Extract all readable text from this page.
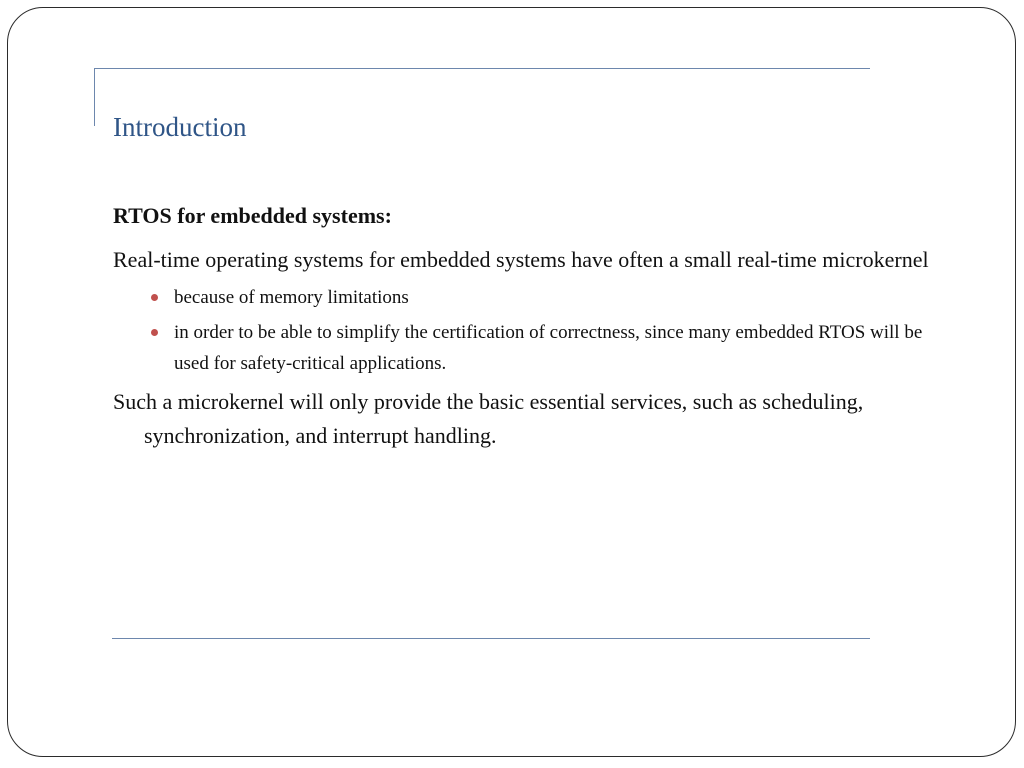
Introduction
RTOS for embedded systems:
Real-time operating systems for embedded systems have often a small real-time microkernel
because of memory limitations
in order to be able to simplify the certification of correctness, since many embedded RTOS will be used for safety-critical applications.
Such a microkernel will only provide the basic essential services, such as scheduling, synchronization, and interrupt handling.
